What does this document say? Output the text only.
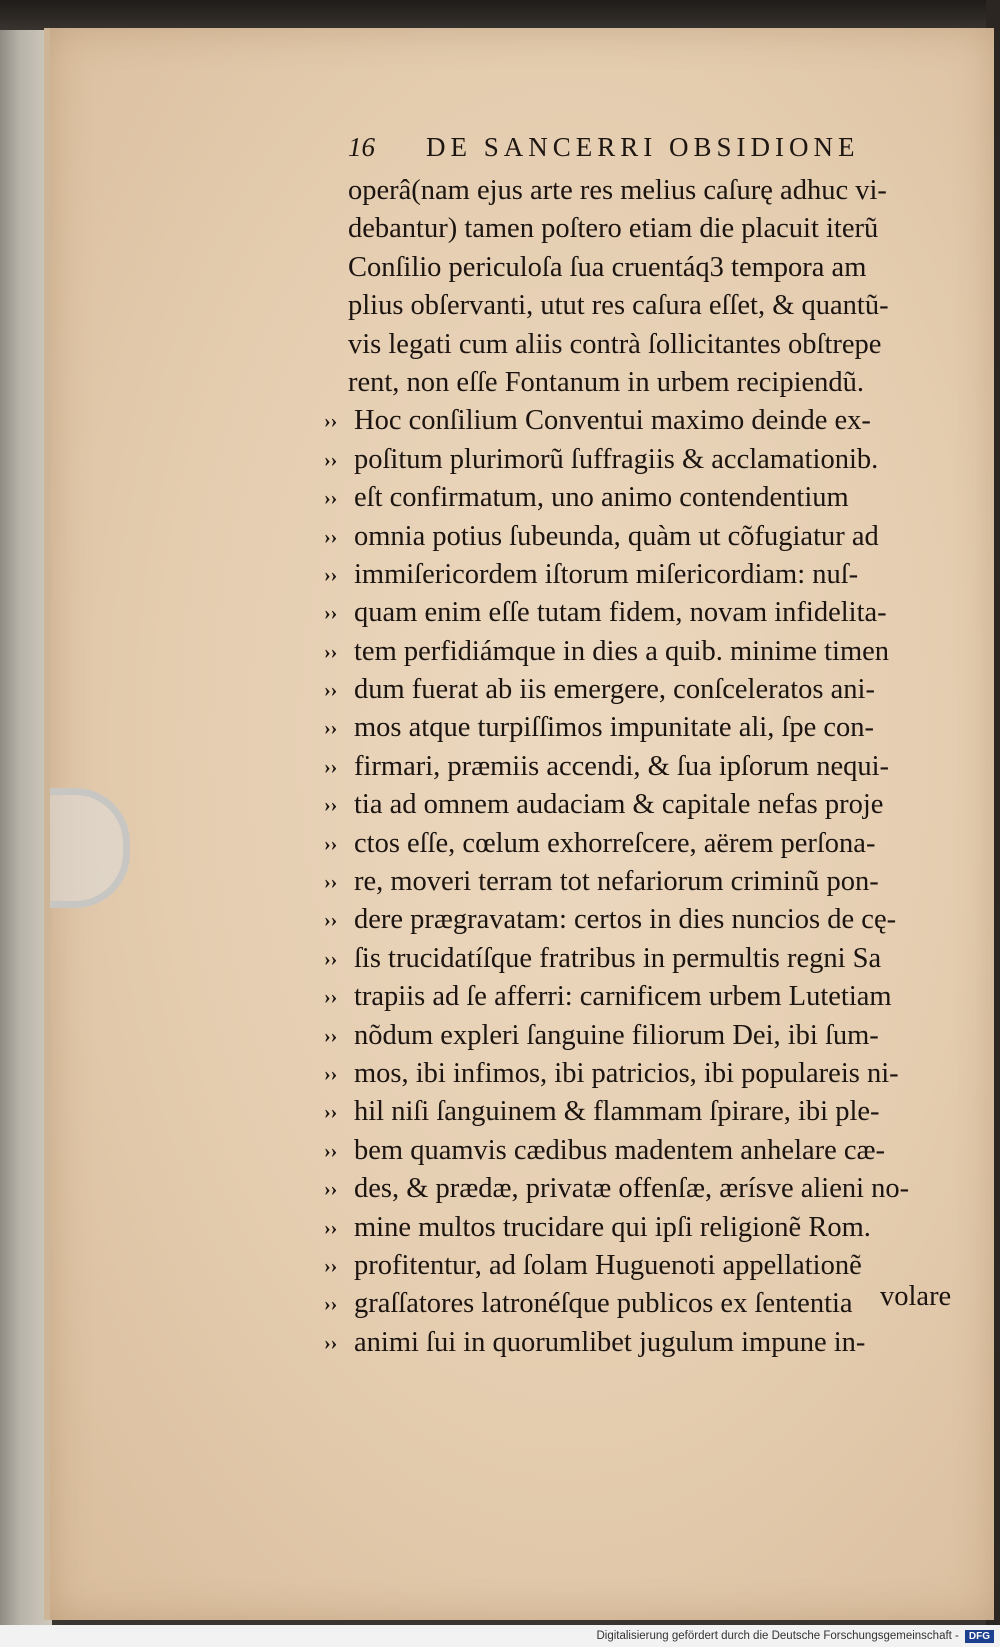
16	DE SANCERRI OBSIDIONE
operâ(nam ejus arte res melius caſurę adhuc vi-
debantur) tamen poſtero etiam die placuit iterũ
Conſilio periculoſa ſua cruentáq3 tempora am
plius obſervanti, utut res caſura eſſet, & quantũ-
vis legati cum aliis contrà ſollicitantes obſtrepe
rent, non eſſe Fontanum in urbem recipiendũ.
›› Hoc conſilium Conventui maximo deinde ex-
›› poſitum plurimorũ ſuffragiis & acclamationib.
›› eſt confirmatum, uno animo contendentium
›› omnia potius ſubeunda, quàm ut cõfugiatur ad
›› immiſericordem iſtorum miſericordiam: nuſ-
›› quam enim eſſe tutam fidem, novam infidelita-
›› tem perfidiámque in dies a quib. minime timen
›› dum fuerat ab iis emergere, conſceleratos ani-
›› mos atque turpiſſimos impunitate ali, ſpe con-
›› firmari, præmiis accendi, & ſua ipſorum nequi-
›› tia ad omnem audaciam & capitale nefas proje
›› ctos eſſe, cœlum exhorreſcere, aërem perſona-
›› re, moveri terram tot nefariorum criminũ pon-
›› dere prægravatam: certos in dies nuncios de cę-
›› ſis trucidatíſque fratribus in permultis regni Sa
›› trapiis ad ſe afferri: carnificem urbem Lutetiam
›› nõdum expleri ſanguine filiorum Dei, ibi ſum-
›› mos, ibi infimos, ibi patricios, ibi populareis ni-
›› hil niſi ſanguinem & flammam ſpirare, ibi ple-
›› bem quamvis cædibus madentem anhelare cæ-
›› des, & prædæ, privatæ offenſæ, ærísve alieni no-
›› mine multos trucidare qui ipſi religionẽ Rom.
›› profitentur, ad ſolam Huguenoti appellationẽ
›› graſſatores latronéſque publicos ex ſententia
›› animi ſui in quorumlibet jugulum impune in-
volare
Digitalisierung gefördert durch die Deutsche Forschungsgemeinschaft -	DFG
